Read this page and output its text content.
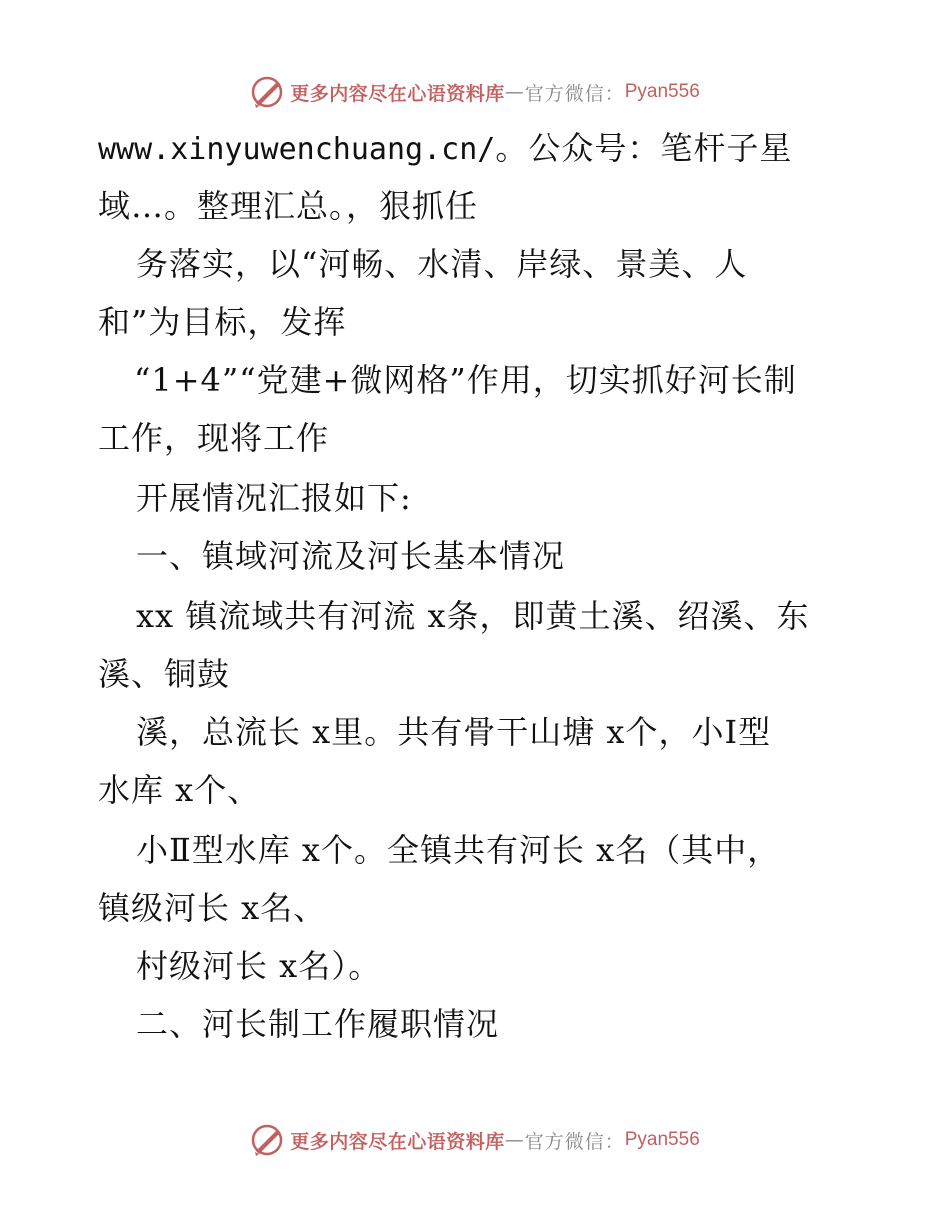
更多内容尽在心语资料库 — 官方微信： Pyan556
www.xinyuwenchuang.cn/。公众号：笔杆子星
域…。整理汇总。，狠抓任
务落实，以“河畅、水清、岸绿、景美、人
和”为目标，发挥
“1+4”“党建+微网格”作用，切实抓好河长制
工作，现将工作
开展情况汇报如下:
一、镇域河流及河长基本情况
xx 镇流域共有河流 x条，即黄土溪、绍溪、东
溪、铜鼓
溪，总流长 x里。共有骨干山塘 x个，小Ⅰ型
水库 x个、
小Ⅱ型水库 x个。全镇共有河长 x名（其中，
镇级河长 x名、
村级河长 x名）。
二、河长制工作履职情况
更多内容尽在心语资料库 — 官方微信： Pyan556
